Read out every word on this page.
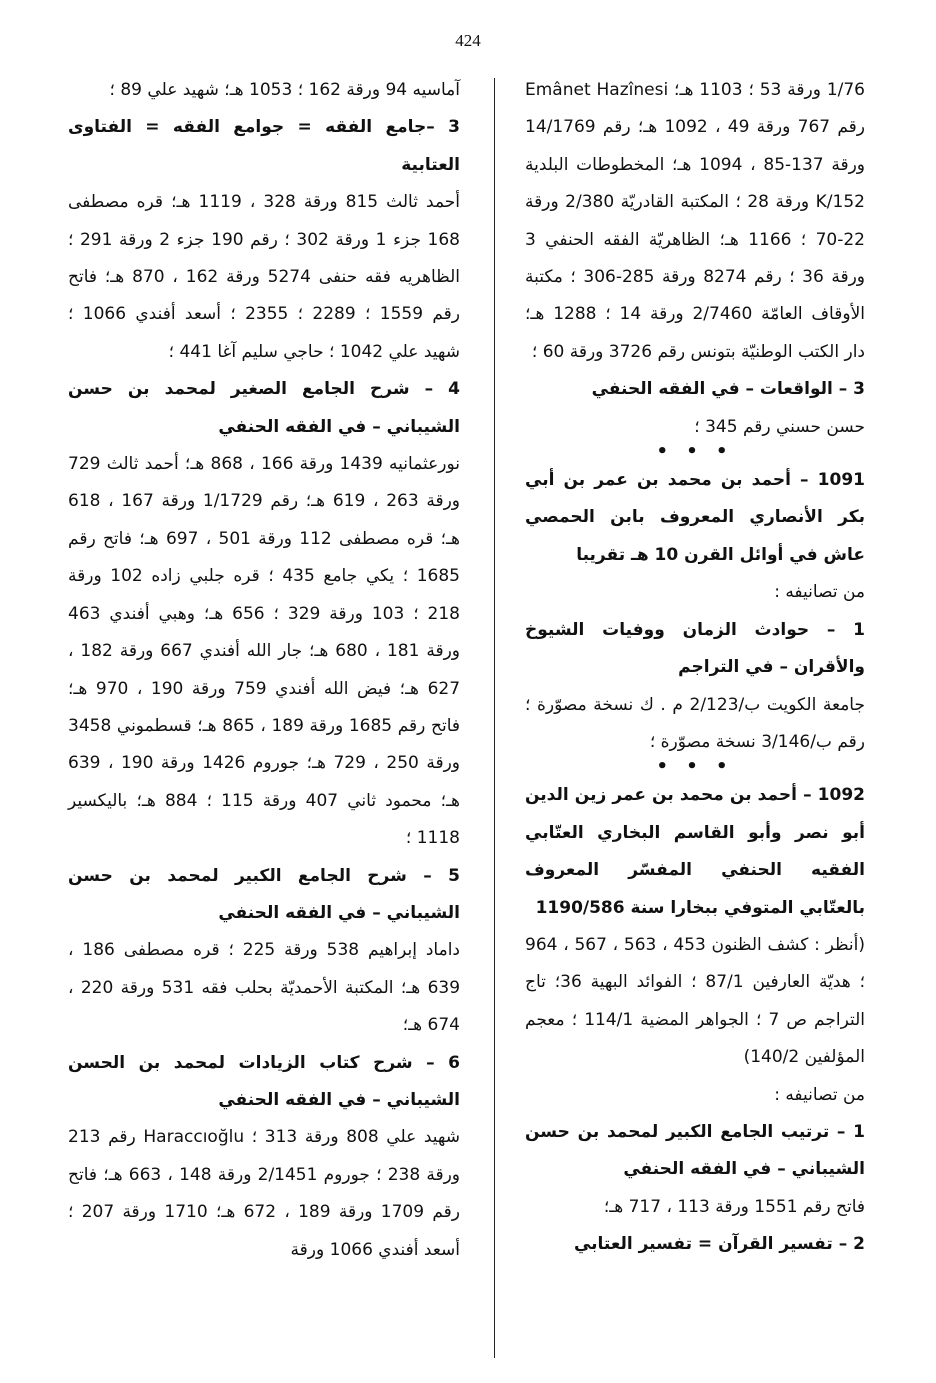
424

1/76 ورقة 53 ؛ 1103 هـ؛ Emânet Hazînesi رقم 767 ورقة 49 ، 1092 هـ؛ رقم 14/1769 ورقة 137-85 ، 1094 هـ؛ المخطوطات البلدية 152/K ورقة 28 ؛ المكتبة القادريّة 2/380 ورقة 22-70 ؛ 1166 هـ؛ الظاهريّة الفقه الحنفي 3 ورقة 36 ؛ رقم 8274 ورقة 285-306 ؛ مكتبة الأوقاف العامّة 2/7460 ورقة 14 ؛ 1288 هـ؛ دار الكتب الوطنيّة بتونس رقم 3726 ورقة 60 ؛

3 – الواقعات – في الفقه الحنفي

حسن حسني رقم 345 ؛

• • •

1091 – أحمد بن محمد بن عمر بن أبي بكر الأنصاري المعروف بابن الحمصي عاش في أوائل القرن 10 هـ تقريبا

من تصانيفه :

1 – حوادث الزمان ووفيات الشيوخ والأقران – في التراجم

جامعة الكويت ب/2/123 م . ك نسخة مصوّرة ؛ رقم ب/3/146 نسخة مصوّرة ؛

• • •

1092 – أحمد بن محمد بن عمر زين الدين أبو نصر وأبو القاسم البخاري العتّابي الفقيه الحنفي المفسّر المعروف بالعتّابي المتوفي ببخارا سنة 1190/586

(أنظر : كشف الظنون 453 ، 563 ، 567 ، 964 ؛ هديّة العارفين 87/1 ؛ الفوائد البهية 36؛ تاج التراجم ص 7 ؛ الجواهر المضية 114/1 ؛ معجم المؤلفين 140/2)

من تصانيفه :

1 – ترتيب الجامع الكبير لمحمد بن حسن الشيباني – في الفقه الحنفي

فاتح رقم 1551 ورقة 113 ، 717 هـ؛

2 – تفسير القرآن = تفسير العتابي

آماسيه 94 ورقة 162 ؛ 1053 هـ؛ شهيد علي 89 ؛

3 –جامع الفقه = جوامع الفقه = الفتاوى العتابية

أحمد ثالث 815 ورقة 328 ، 1119 هـ؛ قره مصطفى 168 جزء 1 ورقة 302 ؛ رقم 190 جزء 2 ورقة 291 ؛ الظاهريه فقه حنفى 5274 ورقة 162 ، 870 هـ؛ فاتح رقم 1559 ؛ 2289 ؛ 2355 ؛ أسعد أفندي 1066 ؛ شهيد علي 1042 ؛ حاجي سليم آغا 441 ؛

4 – شرح الجامع الصغير لمحمد بن حسن الشيباني – في الفقه الحنفي

نورعثمانيه 1439 ورقة 166 ، 868 هـ؛ أحمد ثالث 729 ورقة 263 ، 619 هـ؛ رقم 1/1729 ورقة 167 ، 618 هـ؛ قره مصطفى 112 ورقة 501 ، 697 هـ؛ فاتح رقم 1685 ؛ يكي جامع 435 ؛ قره جلبي زاده 102 ورقة 218 ؛ 103 ورقة 329 ؛ 656 هـ؛ وهبي أفندي 463 ورقة 181 ، 680 هـ؛ جار الله أفندي 667 ورقة 182 ، 627 هـ؛ فيض الله أفندي 759 ورقة 190 ، 970 هـ؛ فاتح رقم 1685 ورقة 189 ، 865 هـ؛ قسطموني 3458 ورقة 250 ، 729 هـ؛ جوروم 1426 ورقة 190 ، 639 هـ؛ محمود ثاني 407 ورقة 115 ؛ 884 هـ؛ باليكسير 1118 ؛

5 – شرح الجامع الكبير لمحمد بن حسن الشيباني – في الفقه الحنفي

داماد إبراهيم 538 ورقة 225 ؛ قره مصطفى 186 ، 639 هـ؛ المكتبة الأحمديّة بحلب فقه 531 ورقة 220 ، 674 هـ؛

6 – شرح كتاب الزيادات لمحمد بن الحسن الشيباني – في الفقه الحنفي

شهيد علي 808 ورقة 313 ؛ Haraccıoğlu رقم 213 ورقة 238 ؛ جوروم 2/1451 ورقة 148 ، 663 هـ؛ فاتح رقم 1709 ورقة 189 ، 672 هـ؛ 1710 ورقة 207 ؛ أسعد أفندي 1066 ورقة
